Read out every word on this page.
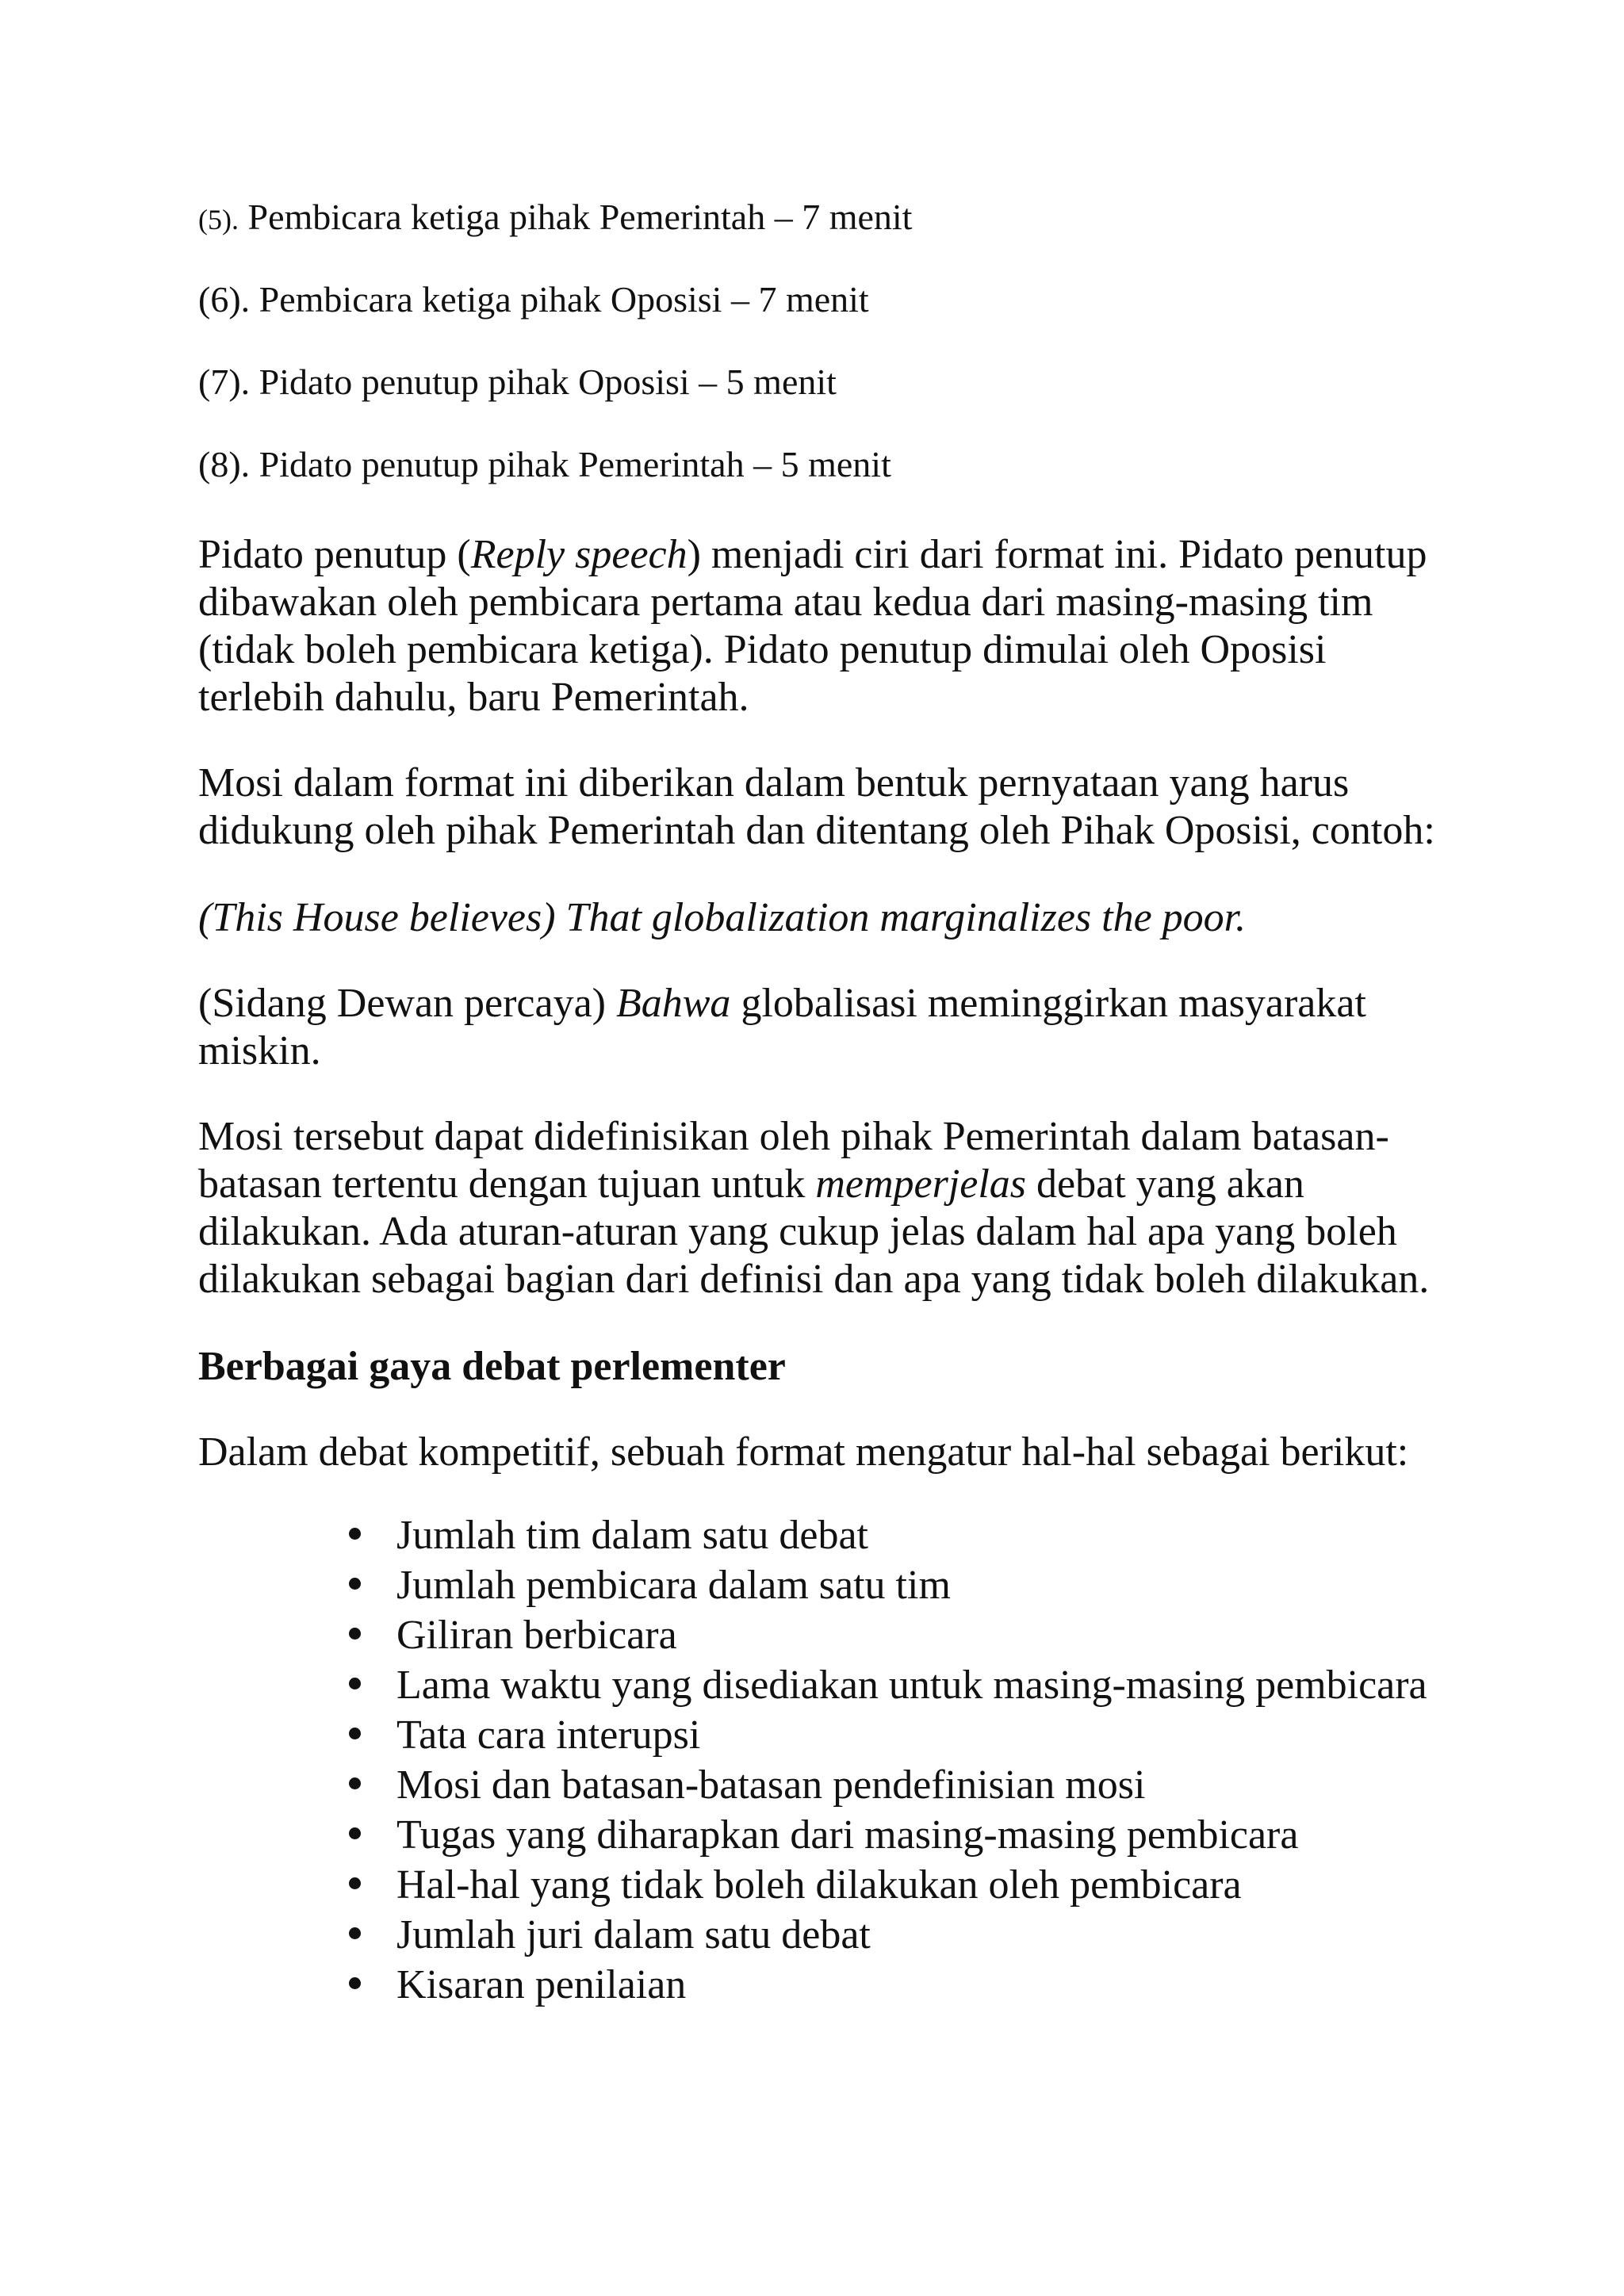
(5). Pembicara ketiga pihak Pemerintah – 7 menit
(6). Pembicara ketiga pihak Oposisi – 7 menit
(7). Pidato penutup pihak Oposisi – 5 menit
(8). Pidato penutup pihak Pemerintah – 5 menit
Pidato penutup (Reply speech) menjadi ciri dari format ini. Pidato penutup
dibawakan oleh pembicara pertama atau kedua dari masing-masing tim
(tidak boleh pembicara ketiga). Pidato penutup dimulai oleh Oposisi
terlebih dahulu, baru Pemerintah.
Mosi dalam format ini diberikan dalam bentuk pernyataan yang harus
didukung oleh pihak Pemerintah dan ditentang oleh Pihak Oposisi, contoh:
(This House believes) That globalization marginalizes the poor.
(Sidang Dewan percaya) Bahwa globalisasi meminggirkan masyarakat
miskin.
Mosi tersebut dapat didefinisikan oleh pihak Pemerintah dalam batasan-
batasan tertentu dengan tujuan untuk memperjelas debat yang akan
dilakukan. Ada aturan-aturan yang cukup jelas dalam hal apa yang boleh
dilakukan sebagai bagian dari definisi dan apa yang tidak boleh dilakukan.
Berbagai gaya debat perlementer
Dalam debat kompetitif, sebuah format mengatur hal-hal sebagai berikut:
Jumlah tim dalam satu debat
Jumlah pembicara dalam satu tim
Giliran berbicara
Lama waktu yang disediakan untuk masing-masing pembicara
Tata cara interupsi
Mosi dan batasan-batasan pendefinisian mosi
Tugas yang diharapkan dari masing-masing pembicara
Hal-hal yang tidak boleh dilakukan oleh pembicara
Jumlah juri dalam satu debat
Kisaran penilaian
